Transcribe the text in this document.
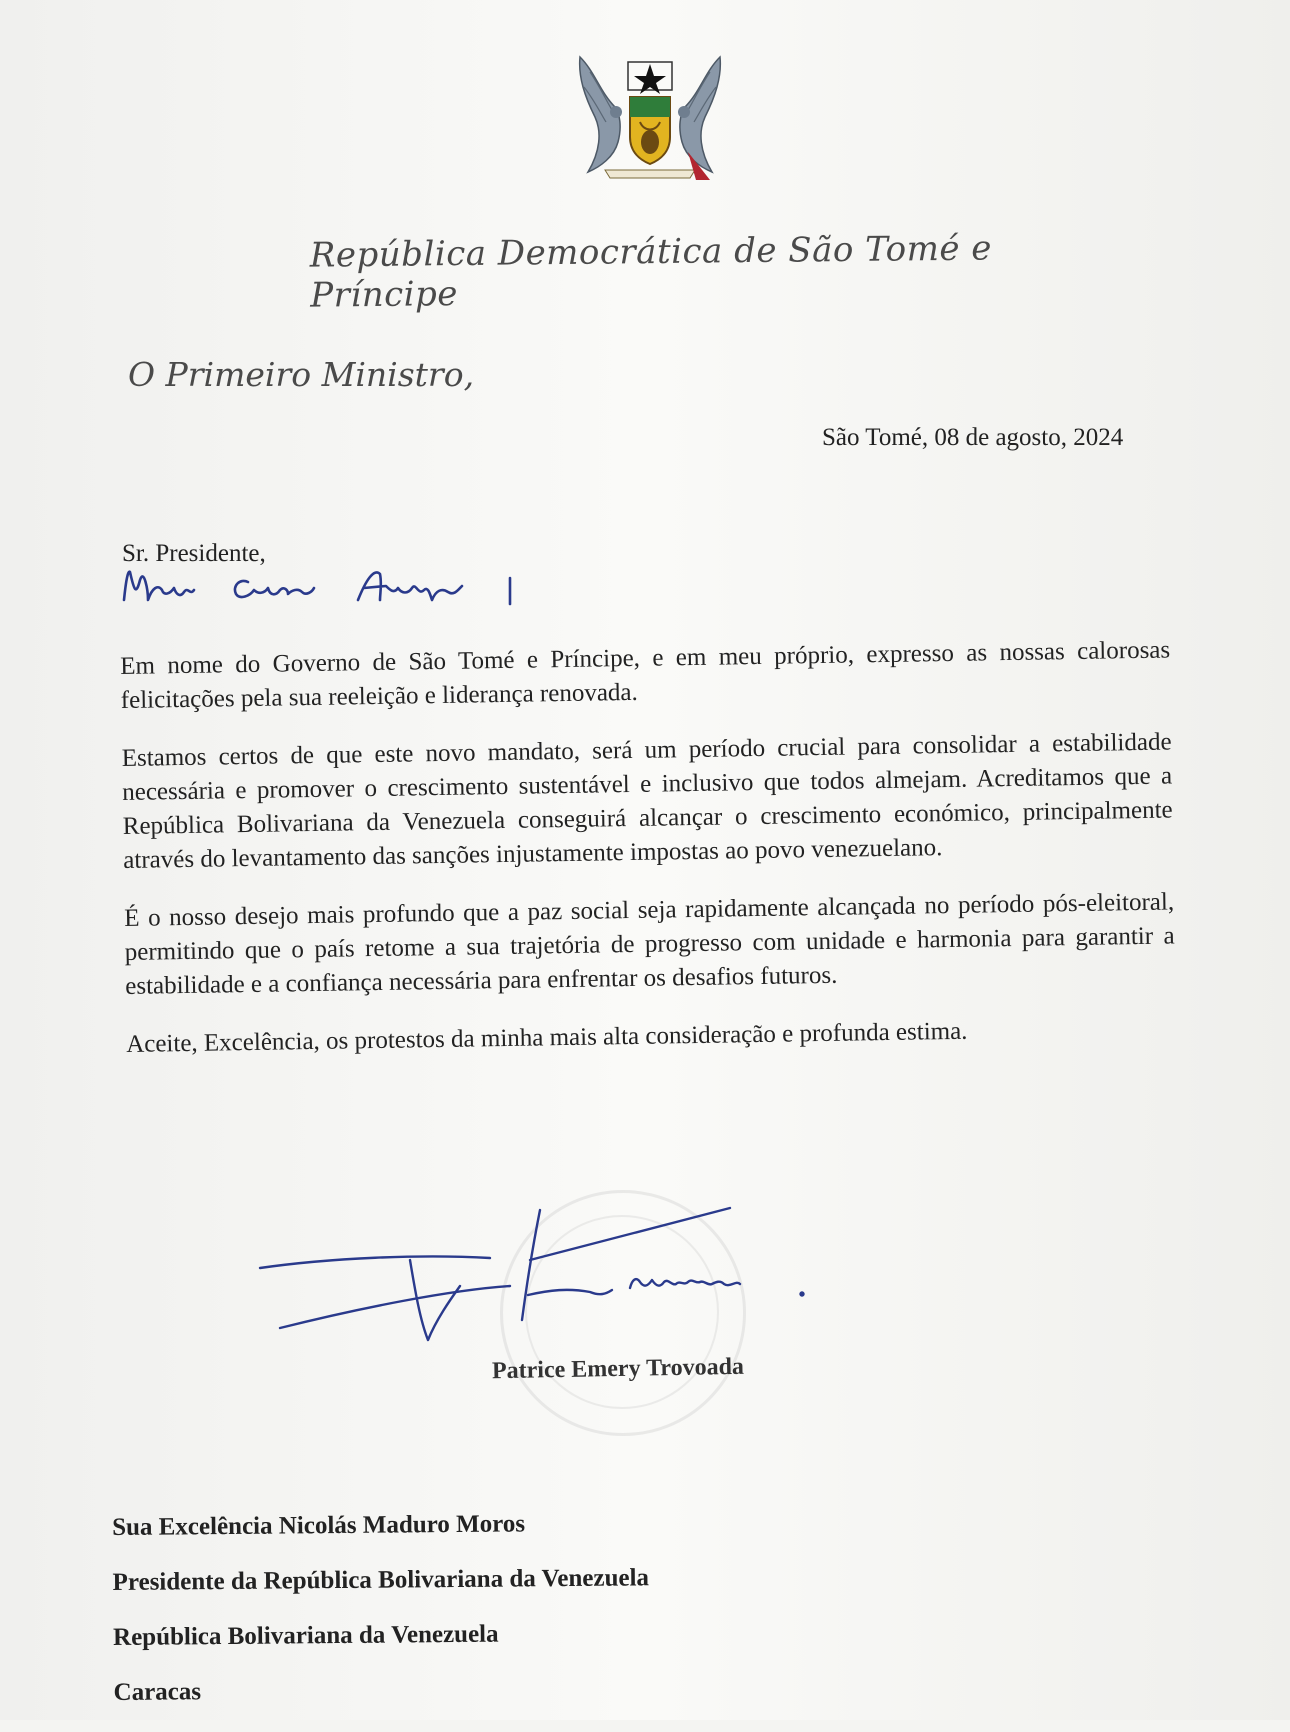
República Democrática de São Tomé e Príncipe
O Primeiro Ministro,
São Tomé, 08 de agosto, 2024
Sr. Presidente,

Em nome do Governo de São Tomé e Príncipe, e em meu próprio, expresso as nossas calorosas felicitações pela sua reeleição e liderança renovada.

Estamos certos de que este novo mandato, será um período crucial para consolidar a estabilidade necessária e promover o crescimento sustentável e inclusivo que todos almejam. Acreditamos que a República Bolivariana da Venezuela conseguirá alcançar o crescimento económico, principalmente através do levantamento das sanções injustamente impostas ao povo venezuelano.

É o nosso desejo mais profundo que a paz social seja rapidamente alcançada no período pós-eleitoral, permitindo que o país retome a sua trajetória de progresso com unidade e harmonia para garantir a estabilidade e a confiança necessária para enfrentar os desafios futuros.

Aceite, Excelência, os protestos da minha mais alta consideração e profunda estima.

Patrice Emery Trovoada
Sua Excelência Nicolás Maduro Moros
Presidente da República Bolivariana da Venezuela
República Bolivariana da Venezuela
Caracas
